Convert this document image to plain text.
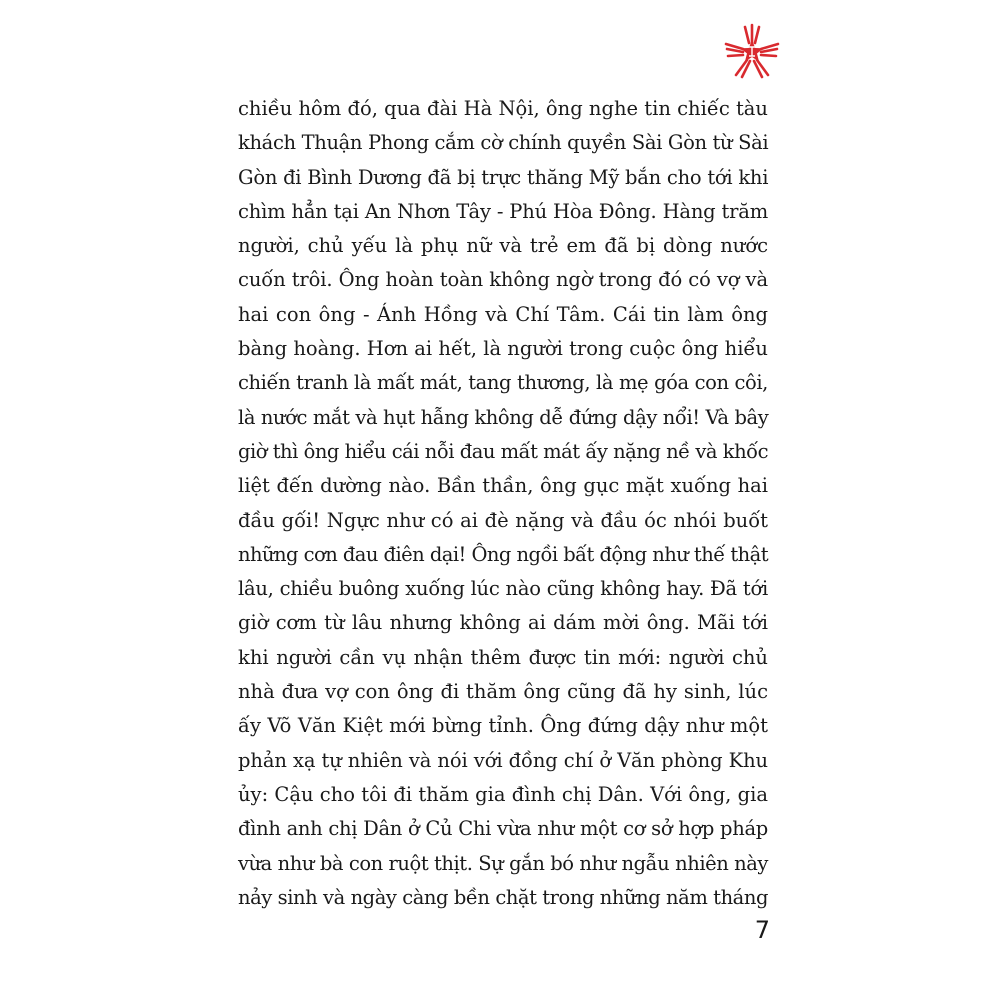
chiều hôm đó, qua đài Hà Nội, ông nghe tin chiếc tàu
khách Thuận Phong cắm cờ chính quyền Sài Gòn từ Sài
Gòn đi Bình Dương đã bị trực thăng Mỹ bắn cho tới khi
chìm hẳn tại An Nhơn Tây - Phú Hòa Đông. Hàng trăm
người, chủ yếu là phụ nữ và trẻ em đã bị dòng nước
cuốn trôi. Ông hoàn toàn không ngờ trong đó có vợ và
hai con ông - Ánh Hồng và Chí Tâm. Cái tin làm ông
bàng hoàng. Hơn ai hết, là người trong cuộc ông hiểu
chiến tranh là mất mát, tang thương, là mẹ góa con côi,
là nước mắt và hụt hẫng không dễ đứng dậy nổi! Và bây
giờ thì ông hiểu cái nỗi đau mất mát ấy nặng nề và khốc
liệt đến dường nào. Bần thần, ông gục mặt xuống hai
đầu gối! Ngực như có ai đè nặng và đầu óc nhói buốt
những cơn đau điên dại! Ông ngồi bất động như thế thật
lâu, chiều buông xuống lúc nào cũng không hay. Đã tới
giờ cơm từ lâu nhưng không ai dám mời ông. Mãi tới
khi người cần vụ nhận thêm được tin mới: người chủ
nhà đưa vợ con ông đi thăm ông cũng đã hy sinh, lúc
ấy Võ Văn Kiệt mới bừng tỉnh. Ông đứng dậy như một
phản xạ tự nhiên và nói với đồng chí ở Văn phòng Khu
ủy: Cậu cho tôi đi thăm gia đình chị Dân. Với ông, gia
đình anh chị Dân ở Củ Chi vừa như một cơ sở hợp pháp
vừa như bà con ruột thịt. Sự gắn bó như ngẫu nhiên này
nảy sinh và ngày càng bền chặt trong những năm tháng
7
